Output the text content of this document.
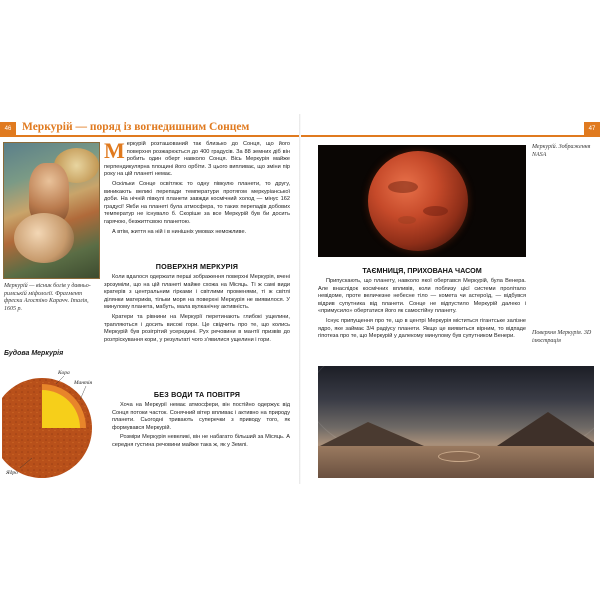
46 Меркурій — поряд із вогнедишним Сонцем	47
Меркурій — вісник богів у давньо-римській міфології. Фрагмент фрески Агостіно Карачч. Італія, 1605 р.

Меркурій розташований так близько до Сонця, що його поверхня розжарюється до 400 градусів. За 88 земних діб він робить один оберт навколо Сонця. Вісь Меркурія майже перпендикулярна площині його орбіти. З цього випливає, що зміни пір року на цій планеті немає.

Оскільки Сонце освітлює то одну півкулю планети, то другу, виникають великі перепади температури протягом меркуріанської доби. На нічній півкулі планети завжди космічний холод — мінус 162 градусі! Якби на планеті була атмосфера, то таких перепадів добових температур не існувало б. Скоріше за все Меркурій був би досить гарячою, безжиттєвою планетою.

А втім, життя на ній і в нинішніх умовах неможливе.

ПОВЕРХНЯ МЕРКУРІЯ

Коли вдалося одержати перші зображення поверхні Меркурія, вчені зрозуміли, що на цій планеті майже схожа на Місяць. Ті ж самі види кратерів з центральним гірками і світлими променями, ті ж світлі ділянки материків, тільки моря на поверхні Меркурія не виявилося. У минулому планета, мабуть, мала вулканічну активність.

Кратери та рівнини на Меркурії перетинають глибокі ущелини, трапляються і досить високі гори. Це свідчить про те, що колись Меркурій був розігрітий усередині. Рух речовини в мантії призвів до розтріскування кори, у результаті чого з'явилися ущелини і гори.

БЕЗ ВОДИ ТА ПОВІТРЯ

Хоча на Меркурії немає атмосфери, він постійно одержує від Сонця потоки часток. Сонячний вітер впливає і активно на природу планети. Сьогодні тривають суперечки з приводу того, як формувався Меркурій.

Розміри Меркурія невеликі, він не набагато більший за Місяць. А середня густина речовини майже така ж, як у Землі.

Будова Меркурія
Кора
Мантія
Ядро
Меркурій. Зображення NASA
ТАЄМНИЦЯ, ПРИХОВАНА ЧАСОМ

Припускають, що планету, навколо якої обертався Меркурій, була Венера. Але внаслідок космічних впливів, коли поблизу цієї системи пролітало невідоме, проте величезне небесне тіло — комета чи астероїд, — відбувся відрив супутника від планети. Сонце не відпустило Меркурій далеко і «примусило» обертатися його як самостійну планету.

Існує припущення про те, що в центрі Меркурія міститься гігантське залізне ядро, яке займає 3/4 радіусу планети. Якщо це виявиться вірним, то відпаде гіпотеза про те, що Меркурій у далекому минулому був супутником Венери.

Поверхня Меркурія. 3D ілюстрація
